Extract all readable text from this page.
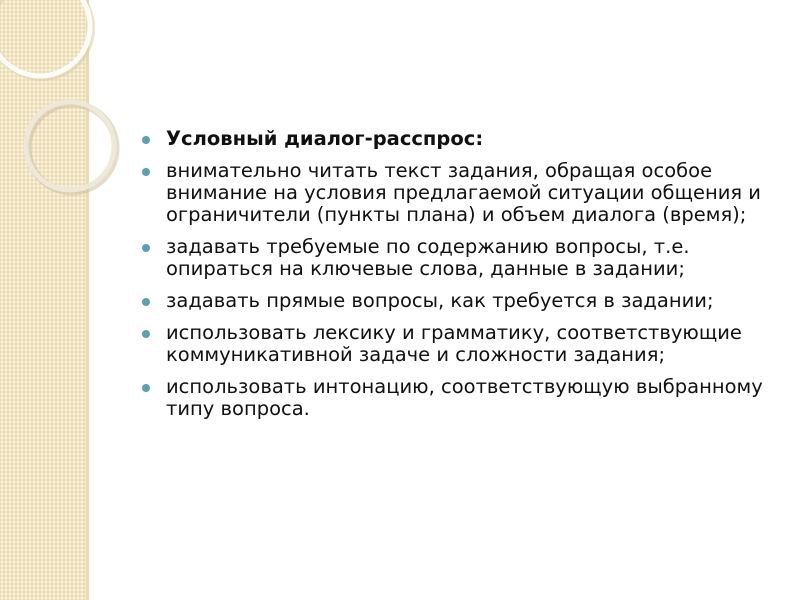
Условный диалог-расспрос:
внимательно читать текст задания, обращая особое внимание на условия предлагаемой ситуации общения и ограничители (пункты плана) и объем диалога (время);
задавать требуемые по содержанию вопросы, т.е. опираться на ключевые слова, данные в задании;
задавать прямые вопросы, как требуется в задании;
использовать лексику и грамматику, соответствующие коммуникативной задаче и сложности задания;
использовать интонацию, соответствующую выбранному типу вопроса.
